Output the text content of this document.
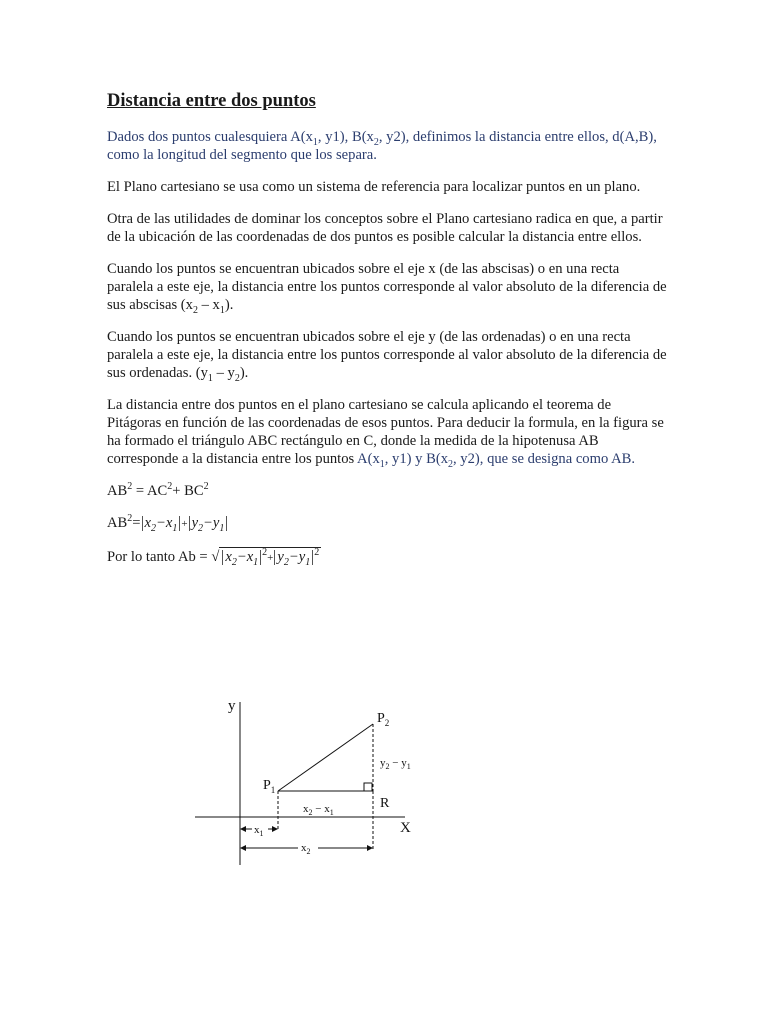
Distancia entre dos puntos

Dados dos puntos cualesquiera $A(x_1$, y1), $B(x_2$, y2), definimos la distancia entre ellos, d(A,B), como la longitud del segmento que los separa.

El Plano cartesiano se usa como un sistema de referencia para localizar puntos en un plano.

Otra de las utilidades de dominar los conceptos sobre el Plano cartesiano radica en que, a partir de la ubicación de las coordenadas de dos puntos es posible calcular la distancia entre ellos.

Cuando los puntos se encuentran ubicados sobre el eje x (de las abscisas) o en una recta paralela a este eje, la distancia entre los puntos corresponde al valor absoluto de la diferencia de sus abscisas $(x_2 - x_1)$.

Cuando los puntos se encuentran ubicados sobre el eje y (de las ordenadas) o en una recta paralela a este eje, la distancia entre los puntos corresponde al valor absoluto de la diferencia de sus ordenadas. $(y_1 - y_2)$.

La distancia entre dos puntos en el plano cartesiano se calcula aplicando el teorema de Pitágoras en función de las coordenadas de esos puntos. Para deducir la formula, en la figura se ha formado el triángulo ABC rectángulo en C, donde la medida de la hipotenusa AB corresponde a la distancia entre los puntos $A(x_1$, y1) y $B(x_2$, y2), que se designa como AB.

$AB^2 = AC^2+ BC^2$
$AB^2= x_2-x_1 + y_2-y_1$
Por lo tanto Ab = √ $x_2-x_1^2+ y_2-y_1^2$
y
X
$P_1$
$P_2$
R
$x_2 - x_1$
$y_2 - y_1$
$x_1$
$x_2$
